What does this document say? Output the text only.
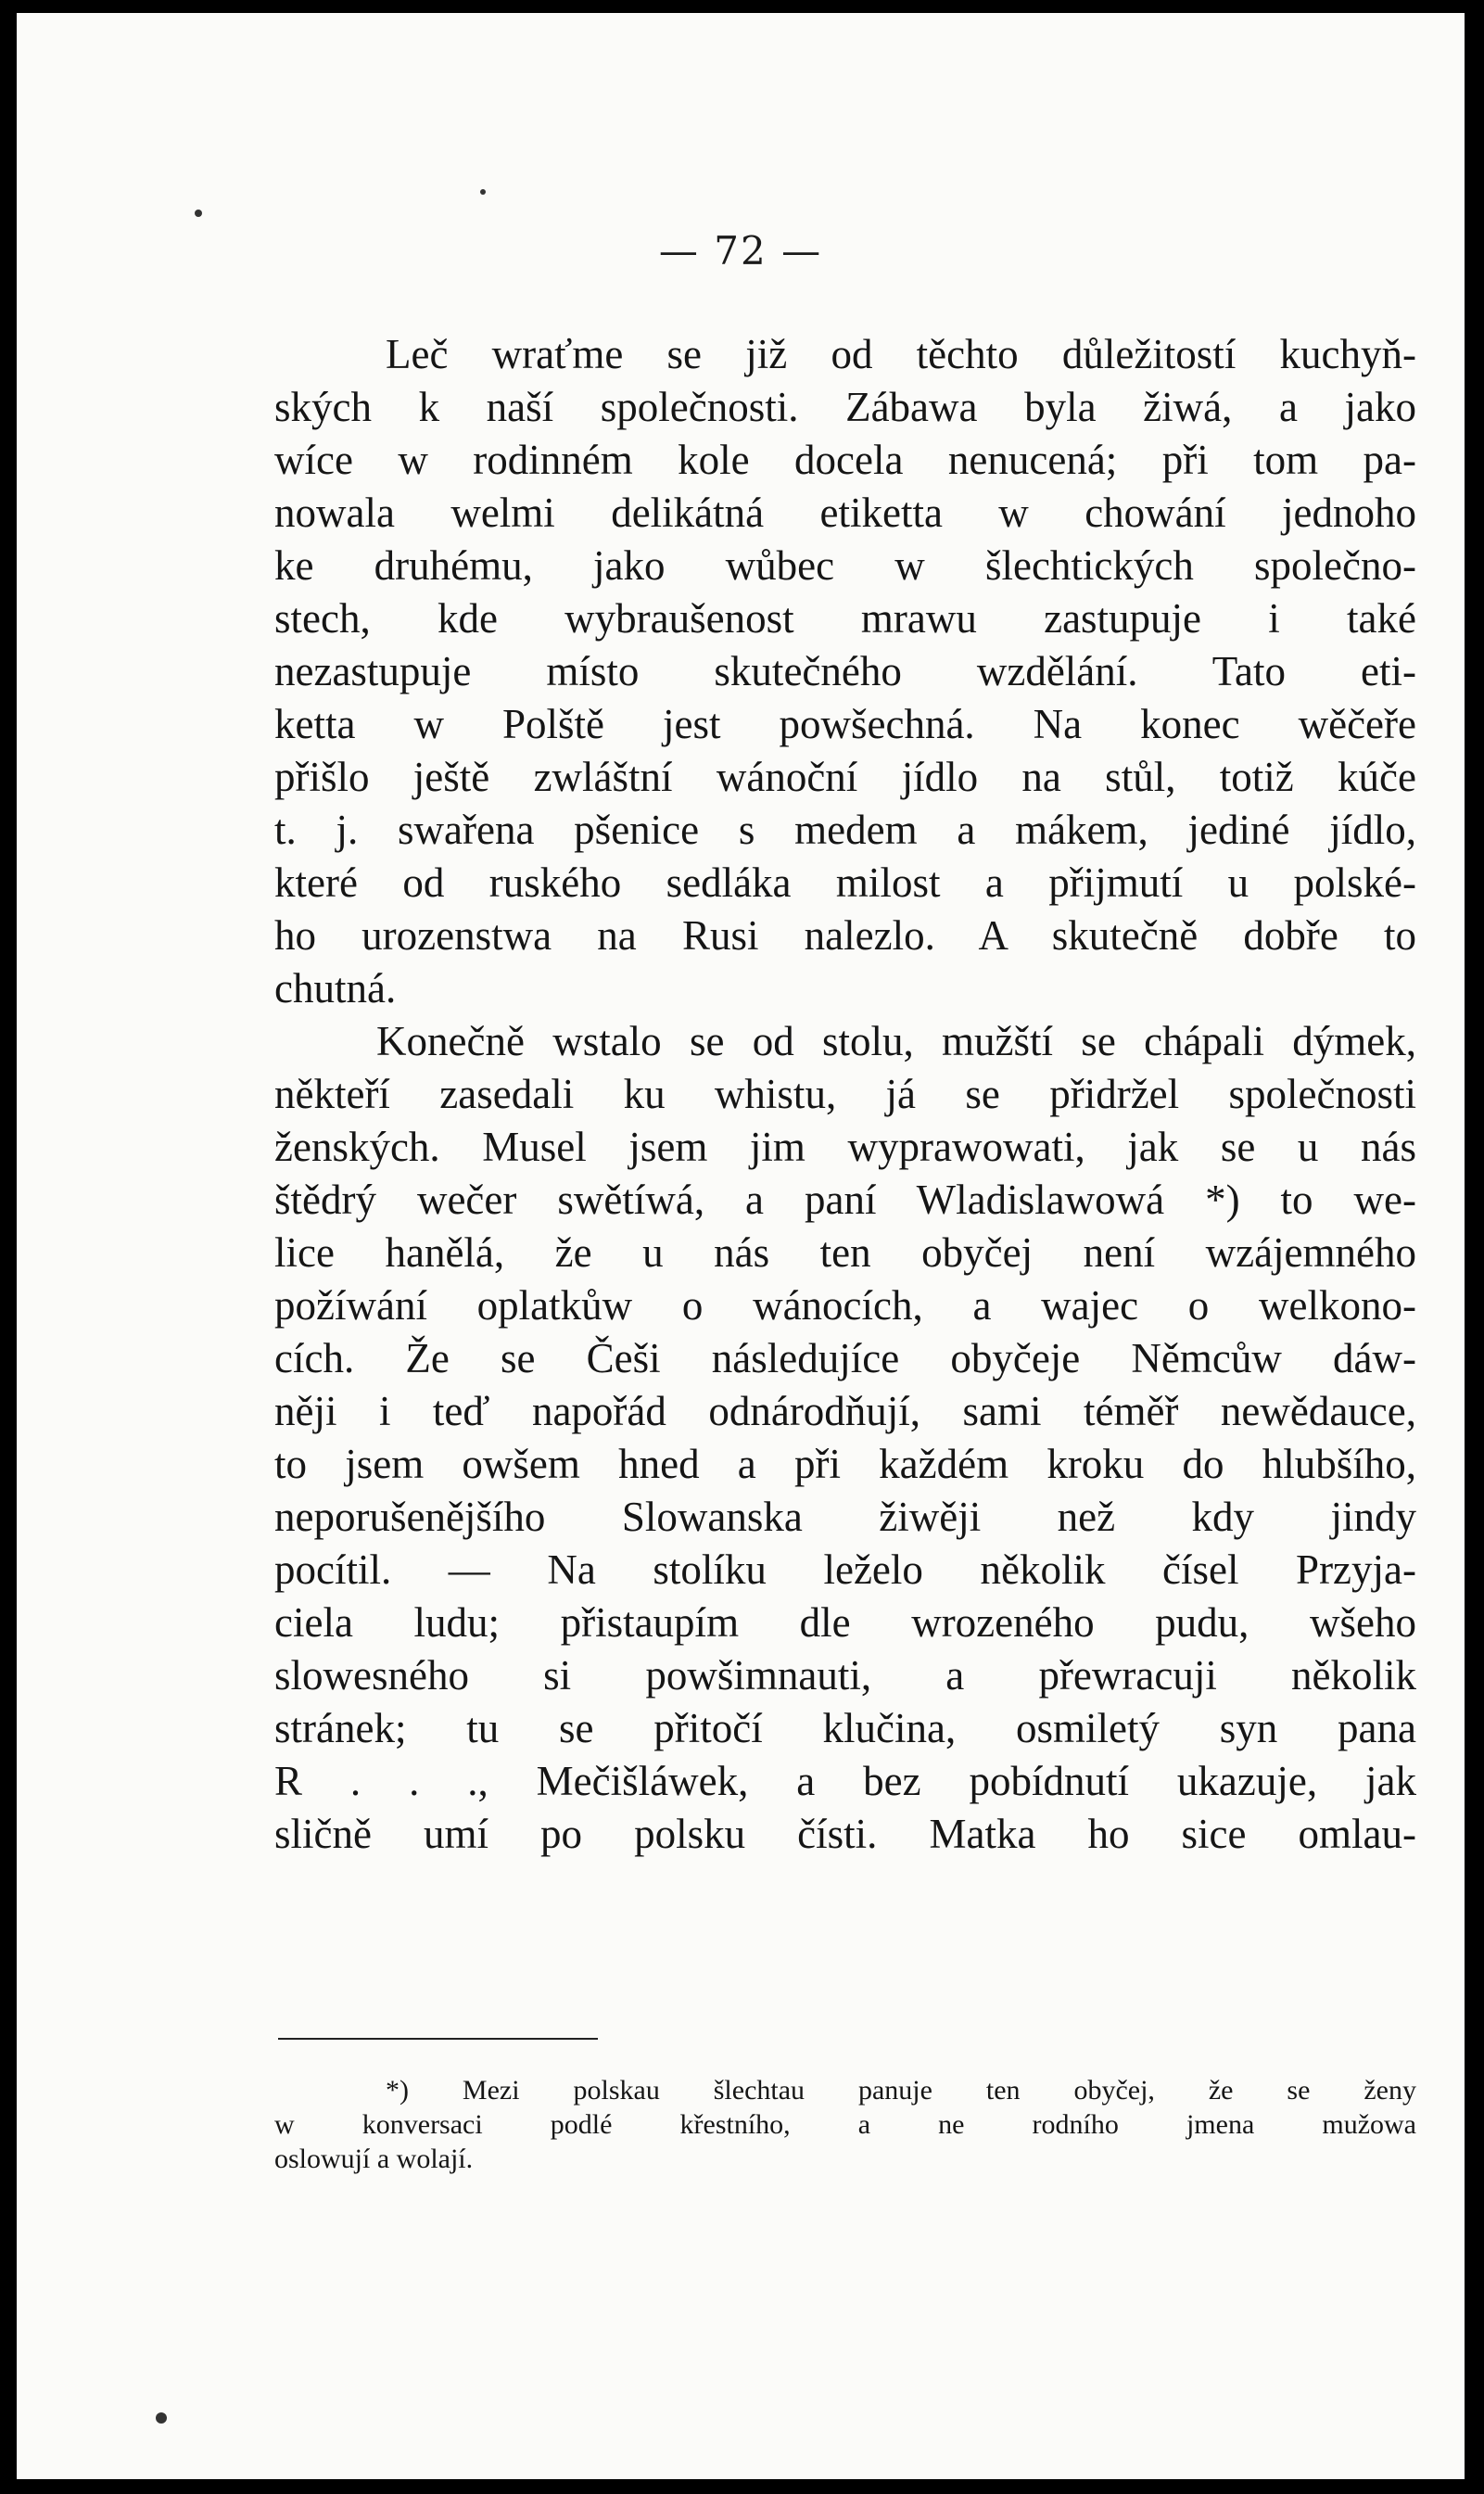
— 72 —
Leč wraťme se již od těchto důležitostí kuchyň-
ských k naší společnosti. Zábawa byla žiwá, a jako
wíce w rodinném kole docela nenucená; při tom pa-
nowala welmi delikátná etiketta w chowání jednoho
ke druhému, jako wůbec w šlechtických společno-
stech, kde wybraušenost mrawu zastupuje i také
nezastupuje místo skutečného wzdělání. Tato eti-
ketta w Polště jest powšechná. Na konec wěčeře
přišlo ještě zwláštní wánoční jídlo na stůl, totiž kúče
t. j. swařena pšenice s medem a mákem, jediné jídlo,
které od ruského sedláka milost a přijmutí u polské-
ho urozenstwa na Rusi nalezlo. A skutečně dobře to
chutná.
Konečně wstalo se od stolu, mužští se chápali dýmek,
někteří zasedali ku whistu, já se přidržel společnosti
ženských. Musel jsem jim wyprawowati, jak se u nás
štědrý wečer swětíwá, a paní Wladislawowá *) to we-
lice hanělá, že u nás ten obyčej není wzájemného
požíwání oplatkůw o wánocích, a wajec o welkono-
cích. Že se Češi následujíce obyčeje Němcůw dáw-
něji i teď napořád odnárodňují, sami téměř newědauce,
to jsem owšem hned a při každém kroku do hlubšího,
neporušenějšího Slowanska žiwěji než kdy jindy
pocítil. — Na stolíku leželo několik čísel Przyja-
ciela ludu; přistaupím dle wrozeného pudu, wšeho
slowesného si powšimnauti, a přewracuji několik
stránek; tu se přitočí klučina, osmiletý syn pana
R . . ., Mečišláwek, a bez pobídnutí ukazuje, jak
sličně umí po polsku čísti. Matka ho sice omlau-
*) Mezi polskau šlechtau panuje ten obyčej, že se ženy
w konversaci podlé křestního, a ne rodního jmena mužowa
oslowují a wolají.
